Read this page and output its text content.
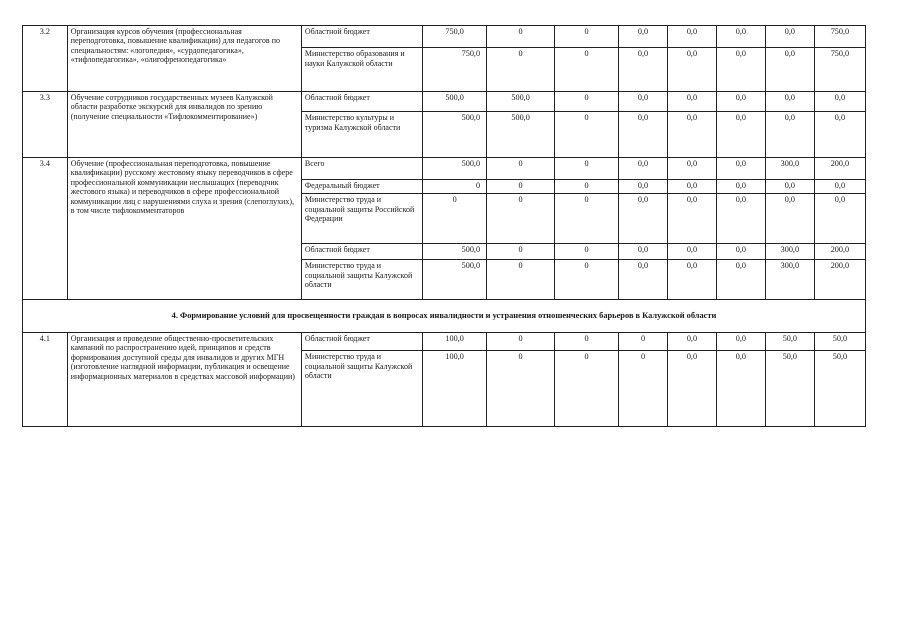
3.2	Организация курсов обучения (профессиональная переподготовка, повышение квалификации) для педагогов по специальностям: «логопедия», «сурдопедагогика», «тифлопедагогика», «олигофренопедагогика»	Областной бюджет	750,0	0	0	0,0	0,0	0,0	0,0	750,0
		Министерство образования и науки Калужской области	750,0	0	0	0,0	0,0	0,0	0,0	750,0
3.3	Обучение сотрудников государственных музеев Калужской области разработке экскурсий для инвалидов по зрению (получение специальности «Тифлокомментирование»)	Областной бюджет	500,0	500,0	0	0,0	0,0	0,0	0,0	0,0
		Министерство культуры и туризма Калужской области	500,0	500,0	0	0,0	0,0	0,0	0,0	0,0
3.4	Обучение (профессиональная переподготовка, повышение квалификации) русскому жестовому языку переводчиков в сфере профессиональной коммуникации неслышащих (переводчик жестового языка) и переводчиков в сфере профессиональной коммуникации лиц с нарушениями слуха и зрения (слепоглухих), в том числе тифлокомментаторов	Всего	500,0	0	0	0,0	0,0	0,0	300,0	200,0
		Федеральный бюджет	0	0	0	0,0	0,0	0,0	0,0	0,0
		Министерство труда и социальной защиты Российской Федерации	0	0	0	0,0	0,0	0,0	0,0	0,0
		Областной бюджет	500,0	0	0	0,0	0,0	0,0	300,0	200,0
		Министерство труда и социальной защиты Калужской области	500,0	0	0	0,0	0,0	0,0	300,0	200,0
4. Формирование условий для просвещенности граждан в вопросах инвалидности и устранения отношенческих барьеров в Калужской области										
4.1	Организация и проведение общественно-просветительских кампаний по распространению идей, принципов и средств формирования доступной среды для инвалидов и других МГН (изготовление наглядной информации, публикация и освещение информационных материалов в средствах массовой информации)	Областной бюджет	100,0	0	0	0	0,0	0,0	50,0	50,0
		Министерство труда и социальной защиты Калужской области	100,0	0	0	0	0,0	0,0	50,0	50,0
